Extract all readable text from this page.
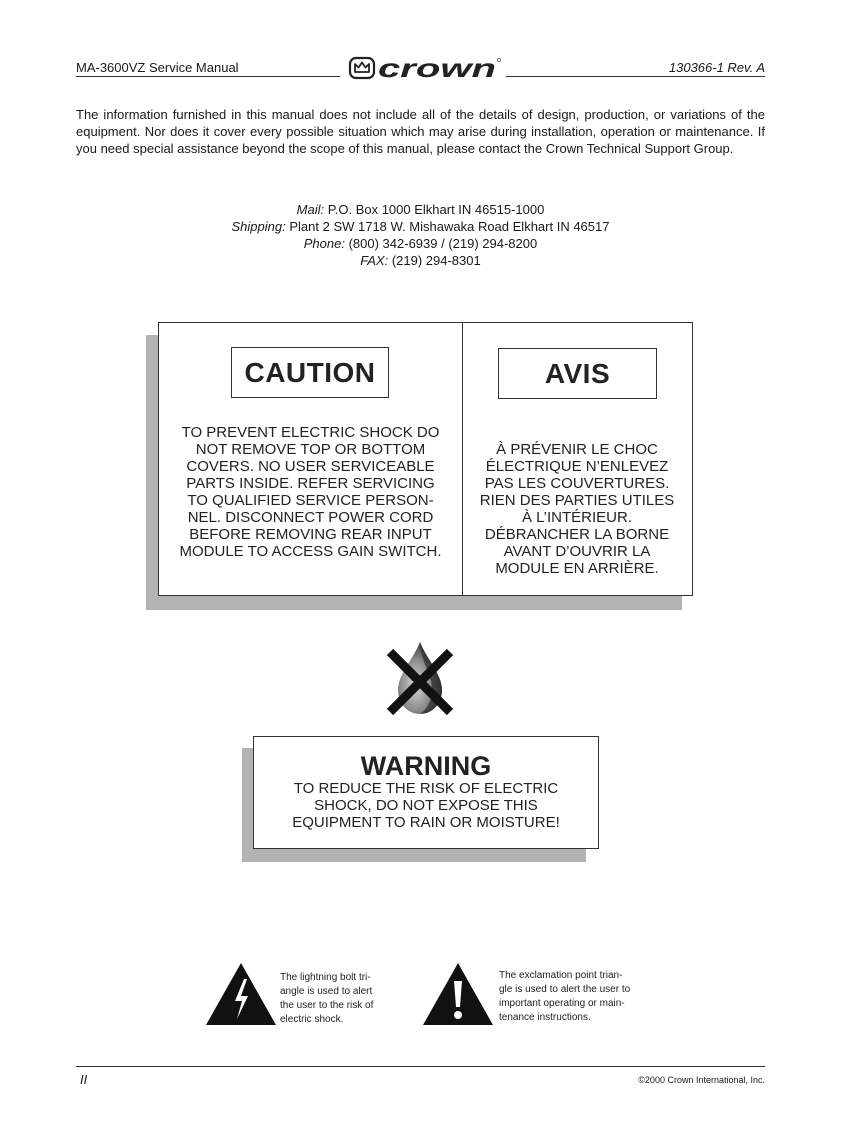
MA-3600VZ Service Manual	crown	130366-1 Rev. A
The information furnished in this manual does not include all of the details of design, production, or variations of the equipment. Nor does it cover every possible situation which may arise during installation, operation or maintenance. If you need special assistance beyond the scope of this manual, please contact the Crown Technical Support Group.
Mail: P.O. Box 1000 Elkhart IN 46515-1000
Shipping: Plant 2 SW 1718 W. Mishawaka Road Elkhart IN 46517
Phone: (800) 342-6939 / (219) 294-8200
FAX: (219) 294-8301
CAUTION
TO PREVENT ELECTRIC SHOCK DO
NOT REMOVE TOP OR BOTTOM
COVERS. NO USER SERVICEABLE
PARTS INSIDE. REFER SERVICING
TO QUALIFIED SERVICE PERSON-
NEL. DISCONNECT POWER CORD
BEFORE REMOVING REAR INPUT
MODULE TO ACCESS GAIN SWITCH.
AVIS
À PRÉVENIR LE CHOC
ÉLECTRIQUE N’ENLEVEZ
PAS LES COUVERTURES.
RIEN DES PARTIES UTILES
À L’INTÉRIEUR.
DÉBRANCHER LA BORNE
AVANT D’OUVRIR LA
MODULE EN ARRIÈRE.
WARNING
TO REDUCE THE RISK OF ELECTRIC
SHOCK, DO NOT EXPOSE THIS
EQUIPMENT TO RAIN OR MOISTURE!
The lightning bolt tri-
angle is used to alert
the user to the risk of
electric shock.
The exclamation point trian-
gle is used to alert the user to
important operating or main-
tenance instructions.
II	©2000 Crown International, Inc.
